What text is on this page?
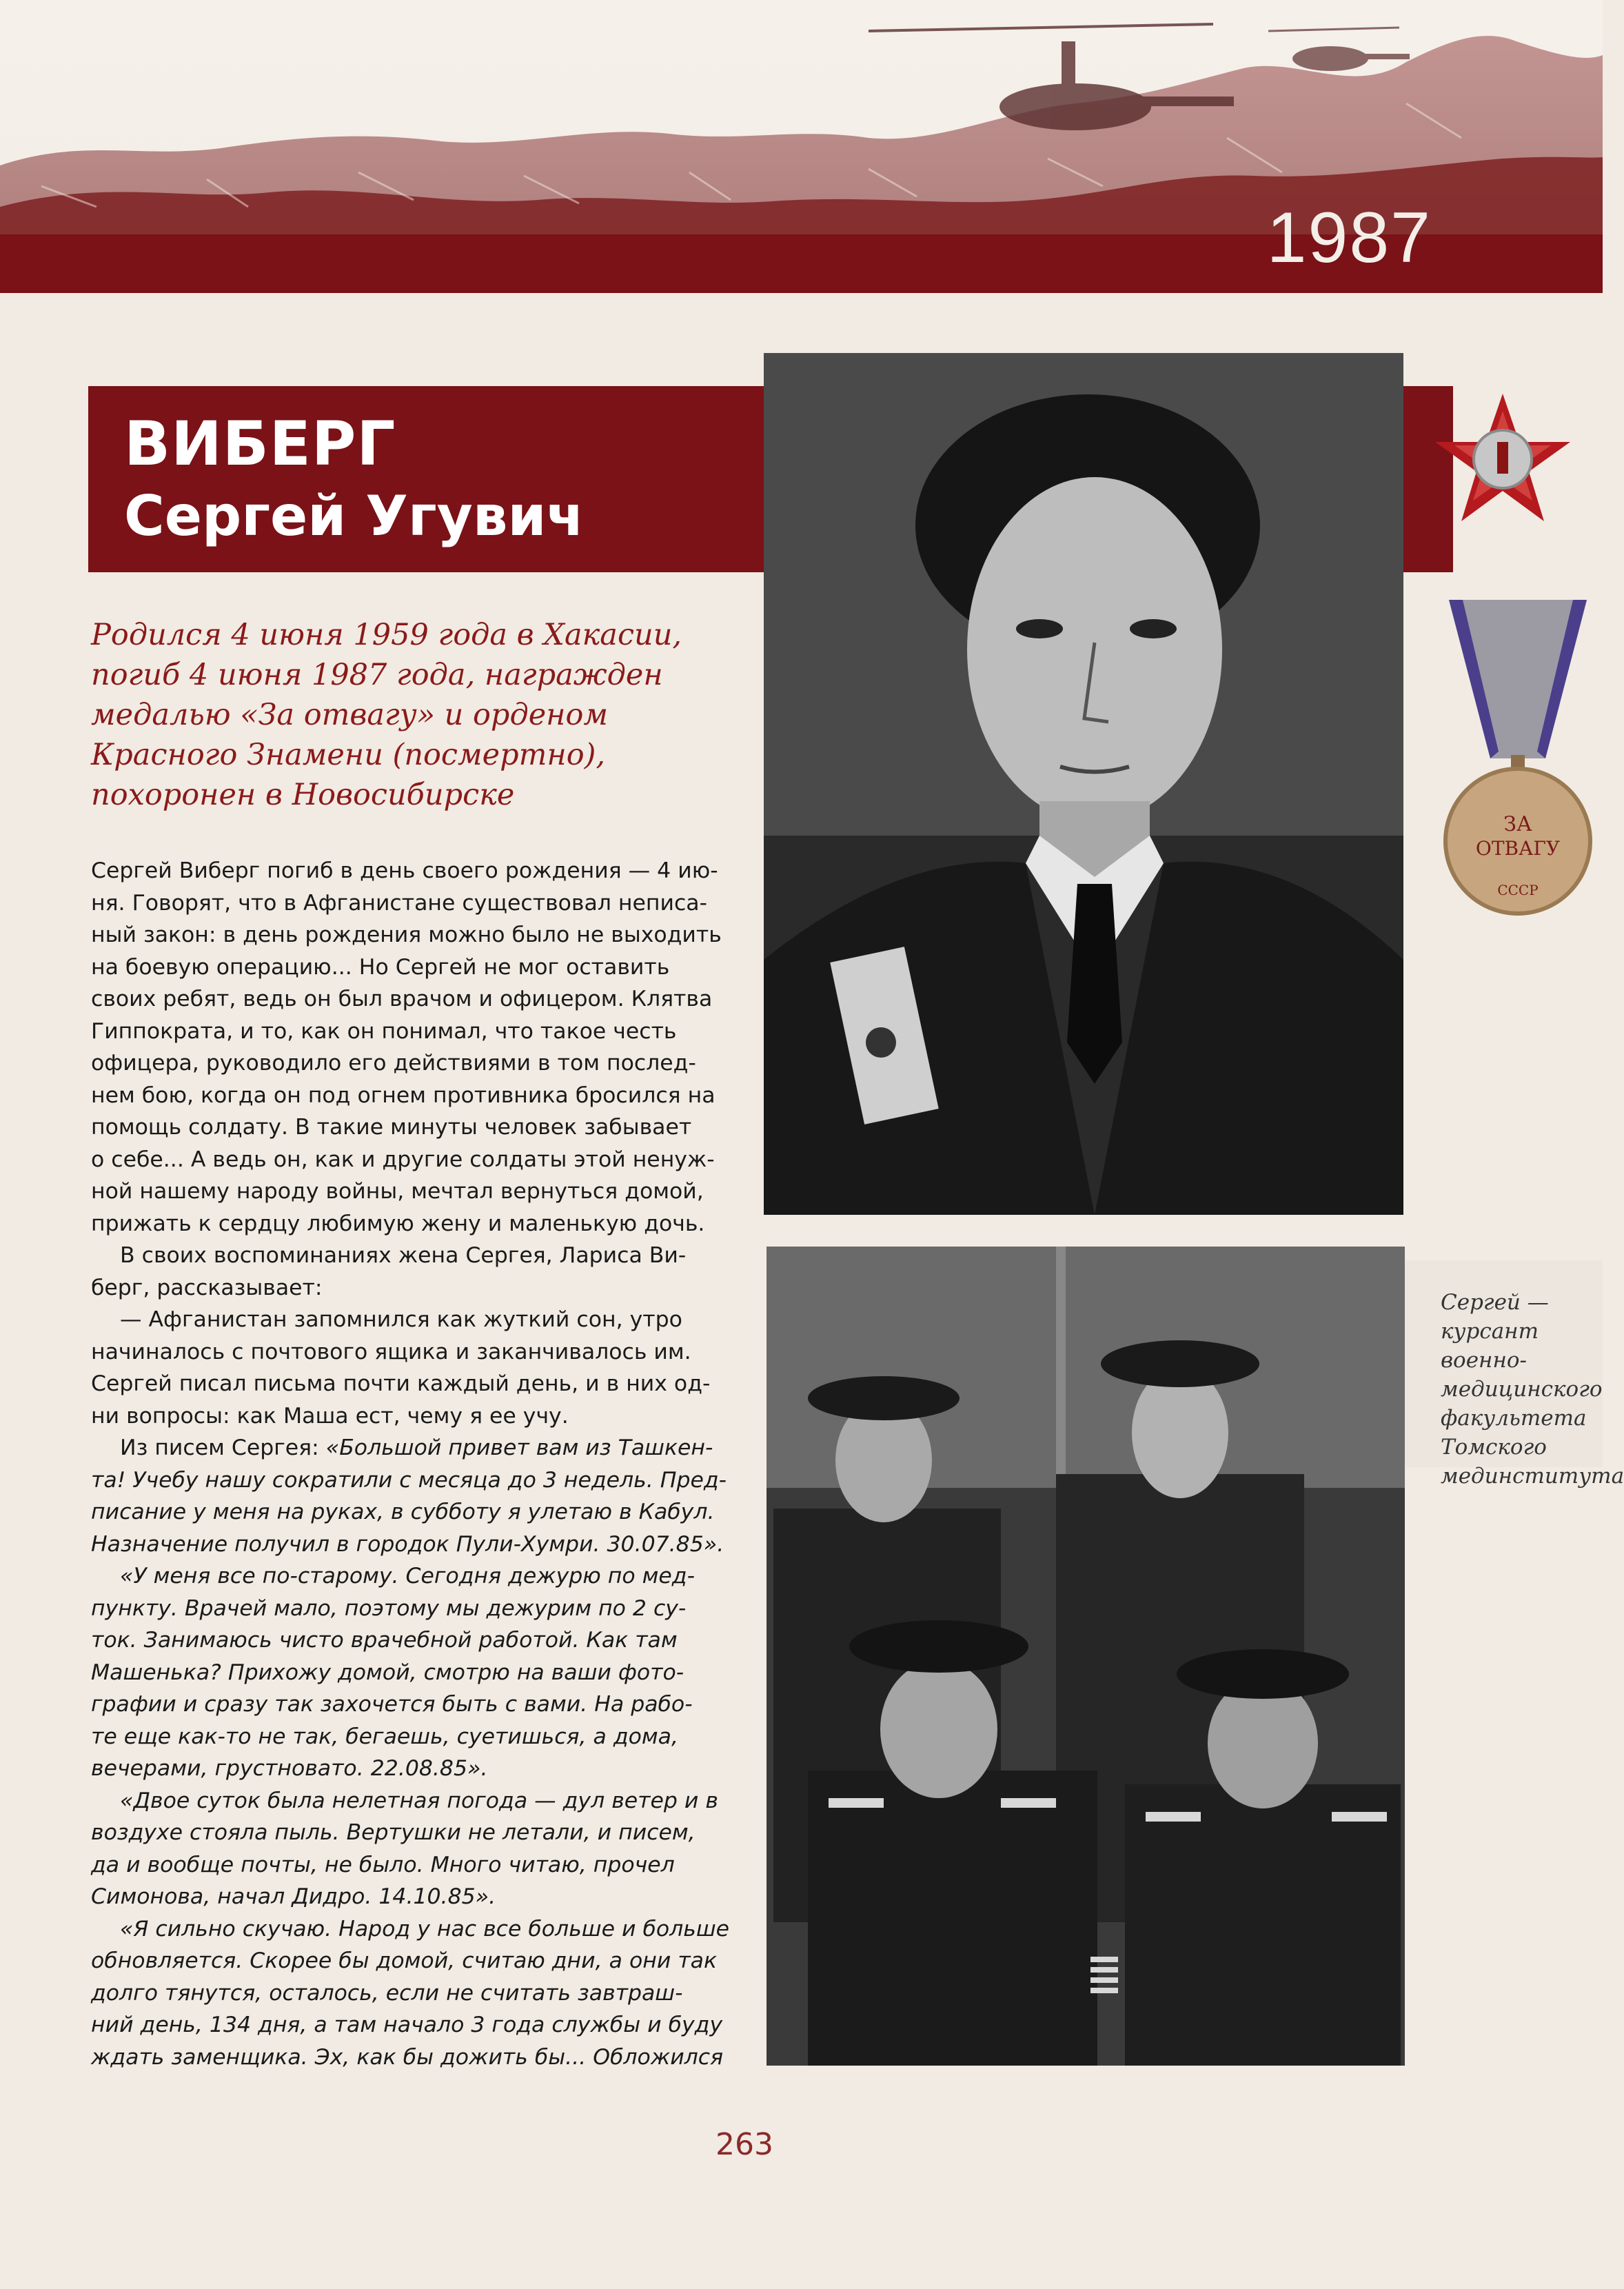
1987
ВИБЕРГ
Сергей Угувич
ЗА
ОТВАГУ
СССР
Родился 4 июня 1959 года в Хакасии,
погиб 4 июня 1987 года, награжден
медалью «За отвагу» и орденом
Красного Знамени (посмертно),
похоронен в Новосибирске

Сергей Виберг погиб в день своего рождения — 4 ию-
ня. Говорят, что в Афганистане существовал неписа-
ный закон: в день рождения можно было не выходить
на боевую операцию... Но Сергей не мог оставить
своих ребят, ведь он был врачом и офицером. Клятва
Гиппократа, и то, как он понимал, что такое честь
офицера, руководило его действиями в том послед-
нем бою, когда он под огнем противника бросился на
помощь солдату. В такие минуты человек забывает
о себе... А ведь он, как и другие солдаты этой ненуж-
ной нашему народу войны, мечтал вернуться домой,
прижать к сердцу любимую жену и маленькую дочь.

В своих воспоминаниях жена Сергея, Лариса Ви-
берг, рассказывает:

— Афганистан запомнился как жуткий сон, утро
начиналось с почтового ящика и заканчивалось им.
Сергей писал письма почти каждый день, и в них од-
ни вопросы: как Маша ест, чему я ее учу.

Из писем Сергея: «Большой привет вам из Ташкен-
та! Учебу нашу сократили с месяца до 3 недель. Пред-
писание у меня на руках, в субботу я улетаю в Кабул.
Назначение получил в городок Пули-Хумри. 30.07.85».

«У меня все по-старому. Сегодня дежурю по мед-
пункту. Врачей мало, поэтому мы дежурим по 2 су-
ток. Занимаюсь чисто врачебной работой. Как там
Машенька? Прихожу домой, смотрю на ваши фото-
графии и сразу так захочется быть с вами. На рабо-
те еще как-то не так, бегаешь, суетишься, а дома,
вечерами, грустновато. 22.08.85».

«Двое суток была нелетная погода — дул ветер и в
воздухе стояла пыль. Вертушки не летали, и писем,
да и вообще почты, не было. Много читаю, прочел
Симонова, начал Дидро. 14.10.85».

«Я сильно скучаю. Народ у нас все больше и больше
обновляется. Скорее бы домой, считаю дни, а они так
долго тянутся, осталось, если не считать завтраш-
ний день, 134 дня, а там начало 3 года службы и буду
ждать заменщика. Эх, как бы дожить бы... Обложился

Сергей —
курсант
военно-
медицинского
факультета
Томского
мединститута
263
